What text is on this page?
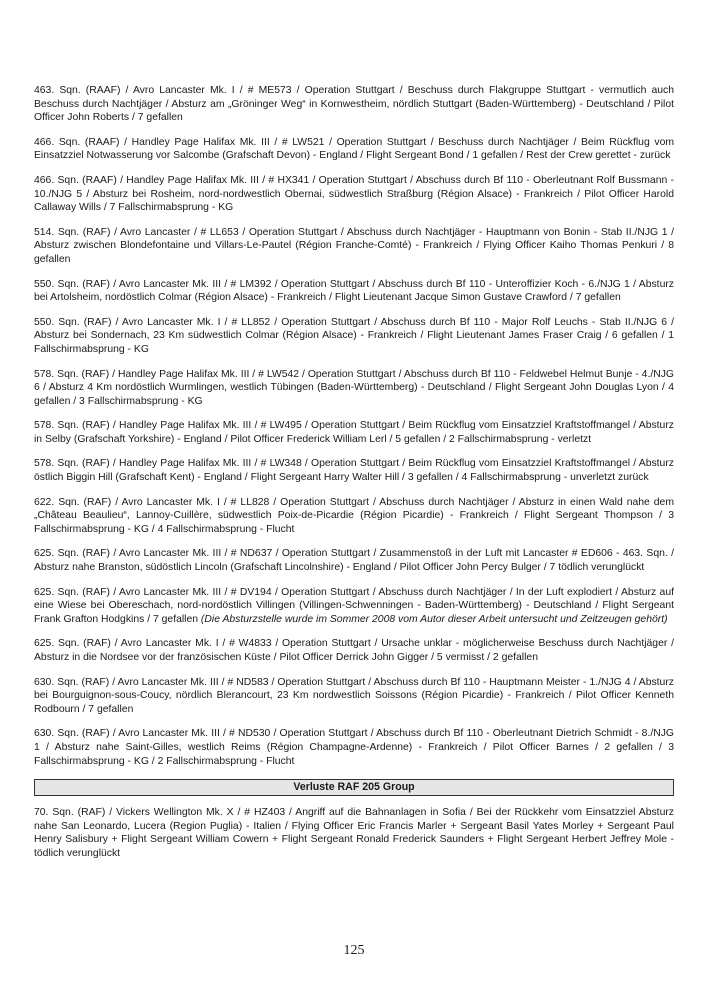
463. Sqn. (RAAF) / Avro Lancaster Mk. I / # ME573 / Operation Stuttgart / Beschuss durch Flakgruppe Stuttgart - vermutlich auch Beschuss durch Nachtjäger / Absturz am „Gröninger Weg“ in Kornwestheim, nördlich Stuttgart (Baden-Württemberg) - Deutschland / Pilot Officer John Roberts / 7 gefallen

466. Sqn. (RAAF) / Handley Page Halifax Mk. III / # LW521 / Operation Stuttgart / Beschuss durch Nachtjäger / Beim Rückflug vom Einsatzziel Notwasserung vor Salcombe (Grafschaft Devon) - England / Flight Sergeant Bond / 1 gefallen / Rest der Crew gerettet - zurück

466. Sqn. (RAAF) / Handley Page Halifax Mk. III / # HX341 / Operation Stuttgart / Abschuss durch Bf 110 - Oberleutnant Rolf Bussmann - 10./NJG 5 / Absturz bei Rosheim, nord-nordwestlich Obernai, südwestlich Straßburg (Région Alsace) - Frankreich / Pilot Officer Harold Callaway Wills / 7 Fallschirmabsprung - KG

514. Sqn. (RAF) / Avro Lancaster / # LL653 / Operation Stuttgart / Abschuss durch Nachtjäger - Hauptmann von Bonin - Stab II./NJG 1 / Absturz zwischen Blondefontaine und Villars-Le-Pautel (Région Franche-Comté) - Frankreich / Flying Officer Kaiho Thomas Penkuri / 8 gefallen

550. Sqn. (RAF) / Avro Lancaster Mk. III / # LM392 / Operation Stuttgart / Abschuss durch Bf 110 - Unteroffizier Koch - 6./NJG 1 / Absturz bei Artolsheim, nordöstlich Colmar (Région Alsace) - Frankreich / Flight Lieutenant Jacque Simon Gustave Crawford / 7 gefallen

550. Sqn. (RAF) / Avro Lancaster Mk. I / # LL852 / Operation Stuttgart / Abschuss durch Bf 110 - Major Rolf Leuchs - Stab II./NJG 6 / Absturz bei Sondernach, 23 Km südwestlich Colmar (Région Alsace) - Frankreich / Flight Lieutenant James Fraser Craig / 6 gefallen / 1 Fallschirmabsprung - KG

578. Sqn. (RAF) / Handley Page Halifax Mk. III / # LW542 / Operation Stuttgart / Abschuss durch Bf 110 - Feldwebel Helmut Bunje - 4./NJG 6 / Absturz 4 Km nordöstlich Wurmlingen, westlich Tübingen (Baden-Württemberg) - Deutschland / Flight Sergeant John Douglas Lyon / 4 gefallen / 3 Fallschirmabsprung - KG

578. Sqn. (RAF) / Handley Page Halifax Mk. III / # LW495 / Operation Stuttgart / Beim Rückflug vom Einsatzziel Kraftstoffmangel / Absturz in Selby (Grafschaft Yorkshire) - England / Pilot Officer Frederick William Lerl / 5 gefallen / 2 Fallschirmabsprung - verletzt

578. Sqn. (RAF) / Handley Page Halifax Mk. III / # LW348 / Operation Stuttgart / Beim Rückflug vom Einsatzziel Kraftstoffmangel / Absturz östlich Biggin Hill (Grafschaft Kent) - England / Flight Sergeant Harry Walter Hill / 3 gefallen / 4 Fallschirmabsprung - unverletzt zurück

622. Sqn. (RAF) / Avro Lancaster Mk. I / # LL828 / Operation Stuttgart / Abschuss durch Nachtjäger / Absturz in einen Wald nahe dem „Château Beaulieu“, Lannoy-Cuillère, südwestlich Poix-de-Picardie (Région Picardie) - Frankreich / Flight Sergeant Thompson / 3 Fallschirmabsprung - KG / 4 Fallschirmabsprung - Flucht

625. Sqn. (RAF) / Avro Lancaster Mk. III / # ND637 / Operation Stuttgart / Zusammenstoß in der Luft mit Lancaster # ED606 - 463. Sqn. / Absturz nahe Branston, südöstlich Lincoln (Grafschaft Lincolnshire) - England / Pilot Officer John Percy Bulger / 7 tödlich verunglückt

625. Sqn. (RAF) / Avro Lancaster Mk. III / # DV194 / Operation Stuttgart / Abschuss durch Nachtjäger / In der Luft explodiert / Absturz auf eine Wiese bei Obereschach, nord-nordöstlich Villingen (Villingen-Schwenningen - Baden-Württemberg) - Deutschland / Flight Sergeant Frank Grafton Hodgkins / 7 gefallen (Die Absturzstelle wurde im Sommer 2008 vom Autor dieser Arbeit untersucht und Zeitzeugen gehört)

625. Sqn. (RAF) / Avro Lancaster Mk. I / # W4833 / Operation Stuttgart / Ursache unklar - möglicherweise Beschuss durch Nachtjäger / Absturz in die Nordsee vor der französischen Küste / Pilot Officer Derrick John Gigger / 5 vermisst / 2 gefallen

630. Sqn. (RAF) / Avro Lancaster Mk. III / # ND583 / Operation Stuttgart / Abschuss durch Bf 110 - Hauptmann Meister - 1./NJG 4 / Absturz bei Bourguignon-sous-Coucy, nördlich Blerancourt, 23 Km nordwestlich Soissons (Région Picardie) - Frankreich / Pilot Officer Kenneth Rodbourn / 7 gefallen

630. Sqn. (RAF) / Avro Lancaster Mk. III / # ND530 / Operation Stuttgart / Abschuss durch Bf 110 - Oberleutnant Dietrich Schmidt - 8./NJG 1 / Absturz nahe Saint-Gilles, westlich Reims (Région Champagne-Ardenne) - Frankreich / Pilot Officer Barnes / 2 gefallen / 3 Fallschirmabsprung - KG / 2 Fallschirmabsprung - Flucht

Verluste RAF 205 Group

70. Sqn. (RAF) / Vickers Wellington Mk. X / # HZ403 / Angriff auf die Bahnanlagen in Sofia / Bei der Rückkehr vom Einsatzziel Absturz nahe San Leonardo, Lucera (Region Puglia) - Italien / Flying Officer Eric Francis Marler + Sergeant Basil Yates Morley + Sergeant Paul Henry Salisbury + Flight Sergeant William Cowern + Flight Sergeant Ronald Frederick Saunders + Flight Sergeant Herbert Jeffrey Mole - tödlich verunglückt

125
